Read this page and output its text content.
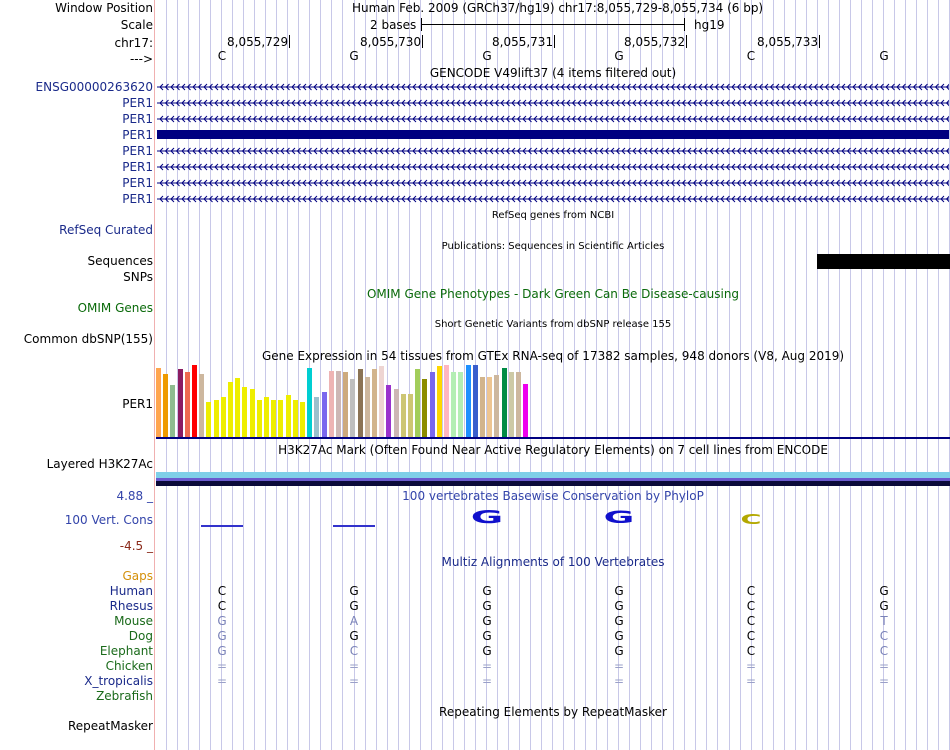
Window Position	Human Feb. 2009 (GRCh37/hg19) chr17:8,055,729-8,055,734 (6 bp)
Scale	2 bases	hg19
chr17:	8,055,729	8,055,730	8,055,731	8,055,732	8,055,733
--->	C	G	G	G	C	G
GENCODE V49lift37 (4 items filtered out)
ENSG00000263620
PER1
PER1
PER1
PER1
PER1
PER1
PER1
RefSeq genes from NCBI
RefSeq Curated
Publications: Sequences in Scientific Articles
Sequences
SNPs
OMIM Gene Phenotypes - Dark Green Can Be Disease-causing
OMIM Genes
Short Genetic Variants from dbSNP release 155
Common dbSNP(155)
Gene Expression in 54 tissues from GTEx RNA-seq of 17382 samples, 948 donors (V8, Aug 2019)
PER1
H3K27Ac Mark (Often Found Near Active Regulatory Elements) on 7 cell lines from ENCODE
Layered H3K27Ac
100 vertebrates Basewise Conservation by PhyloP
4.88 _
100 Vert. Cons
-4.5 _
G	G	C
Multiz Alignments of 100 Vertebrates
Gaps
Human	C	G	G	G	C	G
Rhesus	C	G	G	G	C	G
Mouse	G	A	G	G	C	T
Dog	G	G	G	G	C	C
Elephant	G	C	G	G	C	C
Chicken	=	=	=	=	=	=
X_tropicalis	=	=	=	=	=	=
Zebrafish
Repeating Elements by RepeatMasker
RepeatMasker
